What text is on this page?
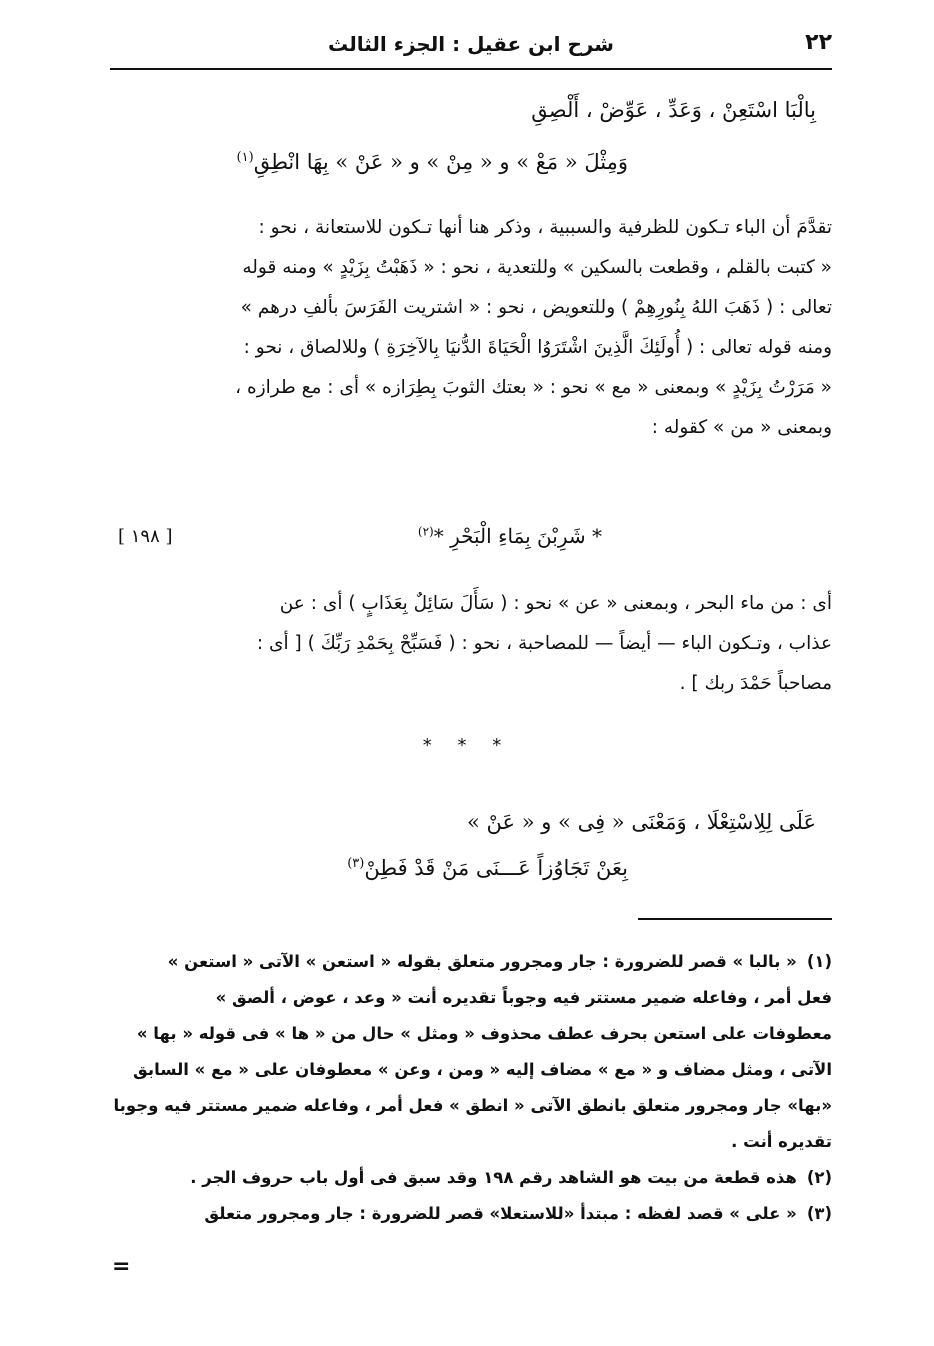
٢٢
شرح ابن عقيل : الجزء الثالث
بِالْبَا اسْتَعِنْ ، وَعَدِّ ، عَوِّضْ ، أَلْصِقِ
وَمِثْلَ « مَعْ » و « مِنْ » و « عَنْ » بِهَا انْطِقِ$^{(١)}$
تقدَّمَ أن الباء تـكون للظرفية والسببية ، وذكر هنا أنها تـكون للاستعانة ، نحو :
« كتبت بالقلم ، وقطعت بالسكين » وللتعدية ، نحو : « ذَهَبْتُ بِزَيْدٍ » ومنه قوله
تعالى : ( ذَهَبَ اللهُ بِنُورِهِمْ ) وللتعويض ، نحو : « اشتريت الفَرَسَ بألفِ درهم »
ومنه قوله تعالى : ( أُولَئِكَ الَّذِينَ اشْتَرَوُا الْحَيَاةَ الدُّنيَا بِالآخِرَةِ ) وللالصاق ، نحو :
« مَرَرْتُ بِزَيْدٍ » وبمعنى « مع » نحو : « بعتك الثوبَ بِطِرَازه » أى : مع طرازه ،
وبمعنى « من » كقوله :
* شَرِبْنَ بِمَاءِ الْبَحْرِ *$^{(٢)}$
[ ١٩٨ ]
أى : من ماء البحر ، وبمعنى « عن » نحو : ( سَأَلَ سَائِلٌ بِعَذَابٍ ) أى : عن
عذاب ، وتـكون الباء — أيضاً — للمصاحبة ، نحو : ( فَسَبِّحْ بِحَمْدِ رَبِّكَ ) [ أى :
مصاحباً حَمْدَ ربك ] .
* * *
عَلَى لِلِاسْتِعْلَا ، وَمَعْنَى « فِى » و « عَنْ »
بِعَنْ تَجَاوُزاً عَـــنَى مَنْ قَدْ فَطِنْ$^{(٣)}$
(١)« بالبا » قصر للضرورة : جار ومجرور متعلق بقوله « استعن » الآتى « استعن »
فعل أمر ، وفاعله ضمير مستتر فيه وجوباً تقديره أنت « وعد ، عوض ، ألصق »
معطوفات على استعن بحرف عطف محذوف « ومثل » حال من « ها » فى قوله « بها »
الآتى ، ومثل مضاف و « مع » مضاف إليه « ومن ، وعن » معطوفان على « مع » السابق
«بها» جار ومجرور متعلق بانطق الآتى « انطق » فعل أمر ، وفاعله ضمير مستتر فيه وجوبا
تقديره أنت .
(٢)هذه قطعة من بيت هو الشاهد رقم ١٩٨ وقد سبق فى أول باب حروف الجر .
(٣)« على » قصد لفظه : مبتدأ «للاستعلا» قصر للضرورة : جار ومجرور متعلق
=
